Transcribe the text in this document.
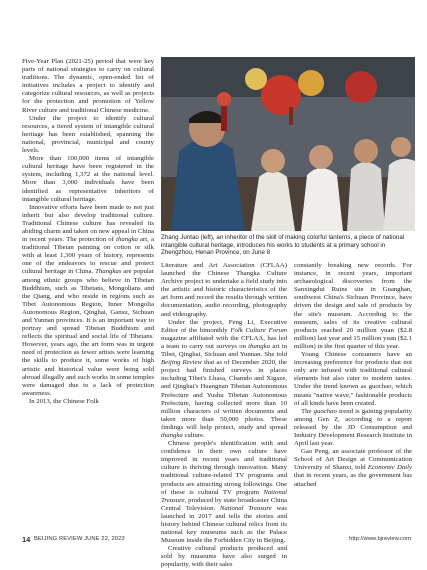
Five-Year Plan (2021-25) period that were key parts of national strategies to carry on cultural traditions. The dynamic, open-ended list of initiatives includes a project to identify and categorize cultural resources, as well as projects for the protection and promotion of Yellow River culture and traditional Chinese medicine.

Under the project to identify cultural resources, a tiered system of intangible cultural heritage has been established, spanning the national, provincial, municipal and county levels.

More than 100,000 items of intangible cultural heritage have been registered in the system, including 1,372 at the national level. More than 3,000 individuals have been identified as representative inheritors of intangible cultural heritage.

Innovative efforts have been made to not just inherit but also develop traditional culture. Traditional Chinese culture has revealed its abiding charm and taken on new appeal in China in recent years. The protection of thangka art, a traditional Tibetan painting on cotton or silk with at least 1,300 years of history, represents one of the endeavors to rescue and protect cultural heritage in China. Thangkas are popular among ethnic groups who believe in Tibetan Buddhism, such as Tibetans, Mongolians and the Qiang, and who reside in regions such as Tibet Autonomous Region, Inner Mongolia Autonomous Region, Qinghai, Gansu, Sichuan and Yunnan provinces. It is an important way to portray and spread Tibetan Buddhism and reflects the spiritual and social life of Tibetans. However, years ago, the art form was in urgent need of protection as fewer artists were learning the skills to produce it, some works of high artistic and historical value were being sold abroad illegally and such works in some temples were damaged due to a lack of protection awareness.

In 2013, the Chinese Folk

XINHUA
Zhang Juntao (left), an inheritor of the skill of making colorful lanterns, a piece of national intangible cultural heritage, introduces his works to students at a primary school in Zhengzhou, Henan Province, on June 8

Literature and Art Association (CFLAA) launched the Chinese Thangka Culture Archive project to undertake a field study into the artistic and historic characteristics of the art form and record the results through written documentation, audio recording, photography and videography.

Under the project, Feng Li, Executive Editor of the bimonthly Folk Culture Forum magazine affiliated with the CFLAA, has led a team to carry out surveys on thangka art in Tibet, Qinghai, Sichuan and Yunnan. She told Beijing Review that as of December 2020, the project had finished surveys in places including Tibet's Lhasa, Chamdo and Xigaze, and Qinghai's Huangnan Tibetan Autonomous Prefecture and Yushu Tibetan Autonomous Prefecture, having collected more than 10 million characters of written documents and taken more than 50,000 photos. These findings will help protect, study and spread thangka culture.

Chinese people's identification with and confidence in their own culture have improved in recent years and traditional culture is thriving through innovation. Many traditional culture-related TV programs and products are attracting strong followings. One of these is cultural TV program National Treasure, produced by state broadcaster China Central Television. National Treasure was launched in 2017 and tells the stories and history behind Chinese cultural relics from its national key museums such as the Palace Museum inside the Forbidden City in Beijing.

Creative cultural products produced and sold by museums have also surged in popularity, with their sales

constantly breaking new records. For instance, in recent years, important archaeological discoveries from the Sanxingdui Ruins site in Guanghan, southwest China's Sichuan Province, have driven the design and sale of products by the site's museum. According to the museum, sales of its creative cultural products reached 20 million yuan ($2.8 million) last year and 15 million yuan ($2.1 million) in the first quarter of this year.

Young Chinese consumers have an increasing preference for products that not only are infused with traditional cultural elements but also cater to modern tastes. Under the trend known as guochao, which means "native wave," fashionable products of all kinds have been created.

The guochao trend is gaining popularity among Gen Z, according to a report released by the JD Consumption and Industry Development Research Institute in April last year.

Gao Peng, an associate professor of the School of Art Design at Communication University of Shanxi, told Economic Daily that in recent years, as the government has attached

14 BEIJING REVIEW JUNE 22, 2023	http://www.bjreview.com
